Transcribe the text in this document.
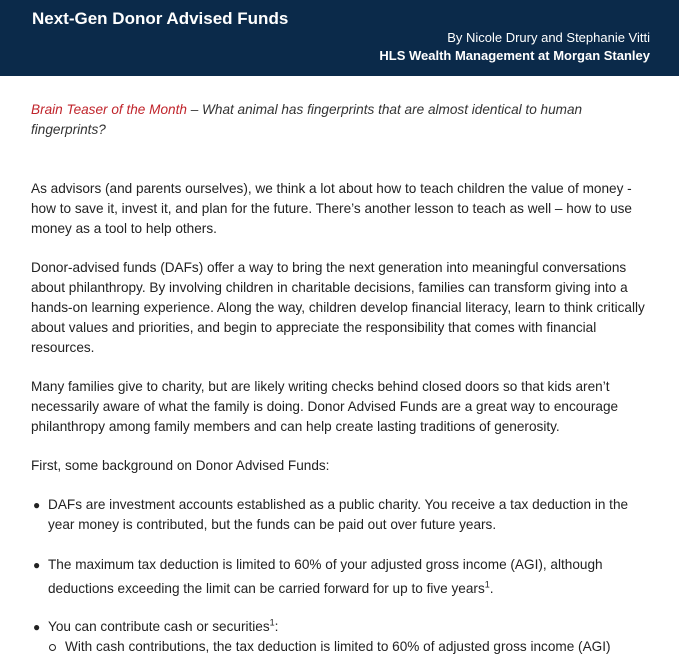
Next-Gen Donor Advised Funds
By Nicole Drury and Stephanie Vitti
HLS Wealth Management at Morgan Stanley
Brain Teaser of the Month – What animal has fingerprints that are almost identical to human fingerprints?

As advisors (and parents ourselves), we think a lot about how to teach children the value of money - how to save it, invest it, and plan for the future. There’s another lesson to teach as well – how to use money as a tool to help others.

Donor-advised funds (DAFs) offer a way to bring the next generation into meaningful conversations about philanthropy. By involving children in charitable decisions, families can transform giving into a hands-on learning experience. Along the way, children develop financial literacy, learn to think critically about values and priorities, and begin to appreciate the responsibility that comes with financial resources.

Many families give to charity, but are likely writing checks behind closed doors so that kids aren’t necessarily aware of what the family is doing. Donor Advised Funds are a great way to encourage philanthropy among family members and can help create lasting traditions of generosity.

First, some background on Donor Advised Funds:

● DAFs are investment accounts established as a public charity. You receive a tax deduction in the year money is contributed, but the funds can be paid out over future years.
● The maximum tax deduction is limited to 60% of your adjusted gross income (AGI), although deductions exceeding the limit can be carried forward for up to five years$^1$.
● You can contribute cash or securities$^1$:
With cash contributions, the tax deduction is limited to 60% of adjusted gross income (AGI)
